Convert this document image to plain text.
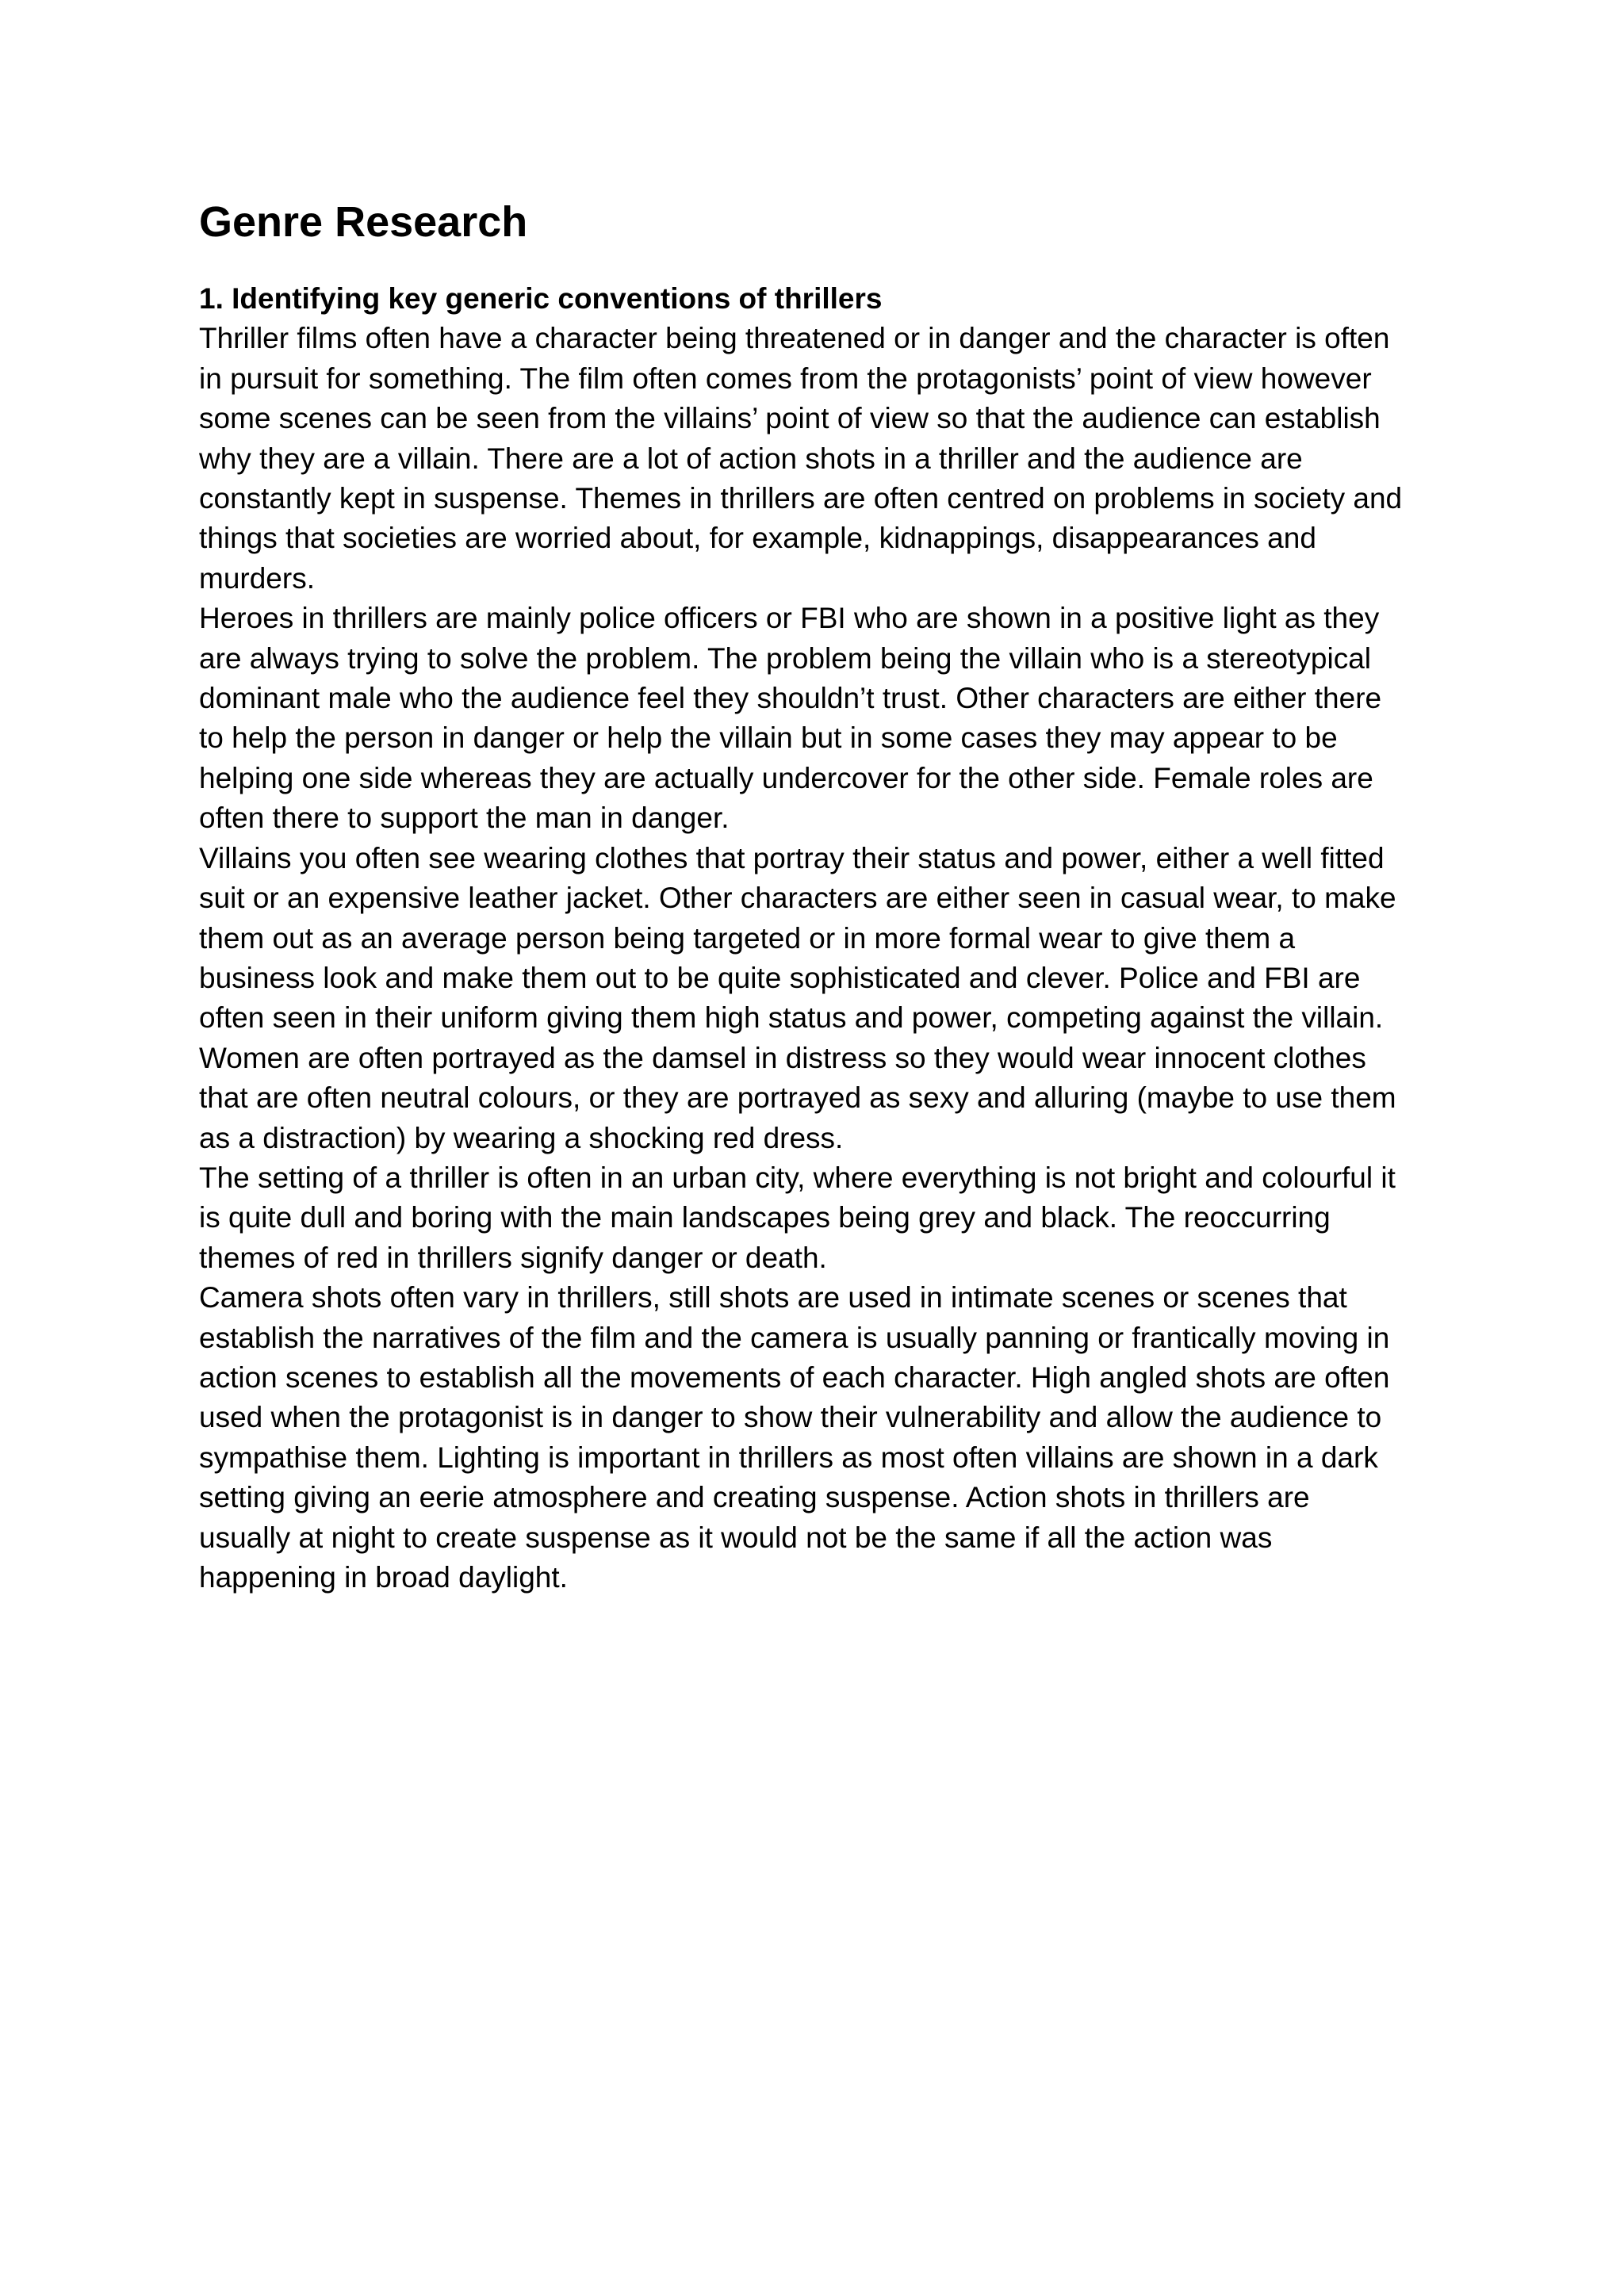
Genre Research
1. Identifying key generic conventions of thrillers

Thriller films often have a character being threatened or in danger and the character is often
in pursuit for something. The film often comes from the protagonists’ point of view however
some scenes can be seen from the villains’ point of view so that the audience can establish
why they are a villain. There are a lot of action shots in a thriller and the audience are
constantly kept in suspense. Themes in thrillers are often centred on problems in society and
things that societies are worried about, for example, kidnappings, disappearances and
murders.

Heroes in thrillers are mainly police officers or FBI who are shown in a positive light as they
are always trying to solve the problem. The problem being the villain who is a stereotypical
dominant male who the audience feel they shouldn’t trust. Other characters are either there
to help the person in danger or help the villain but in some cases they may appear to be
helping one side whereas they are actually undercover for the other side. Female roles are
often there to support the man in danger.

Villains you often see wearing clothes that portray their status and power, either a well fitted
suit or an expensive leather jacket. Other characters are either seen in casual wear, to make
them out as an average person being targeted or in more formal wear to give them a
business look and make them out to be quite sophisticated and clever. Police and FBI are
often seen in their uniform giving them high status and power, competing against the villain.
Women are often portrayed as the damsel in distress so they would wear innocent clothes
that are often neutral colours, or they are portrayed as sexy and alluring (maybe to use them
as a distraction) by wearing a shocking red dress.

The setting of a thriller is often in an urban city, where everything is not bright and colourful it
is quite dull and boring with the main landscapes being grey and black. The reoccurring
themes of red in thrillers signify danger or death.

Camera shots often vary in thrillers, still shots are used in intimate scenes or scenes that
establish the narratives of the film and the camera is usually panning or frantically moving in
action scenes to establish all the movements of each character. High angled shots are often
used when the protagonist is in danger to show their vulnerability and allow the audience to
sympathise them. Lighting is important in thrillers as most often villains are shown in a dark
setting giving an eerie atmosphere and creating suspense. Action shots in thrillers are
usually at night to create suspense as it would not be the same if all the action was
happening in broad daylight.
